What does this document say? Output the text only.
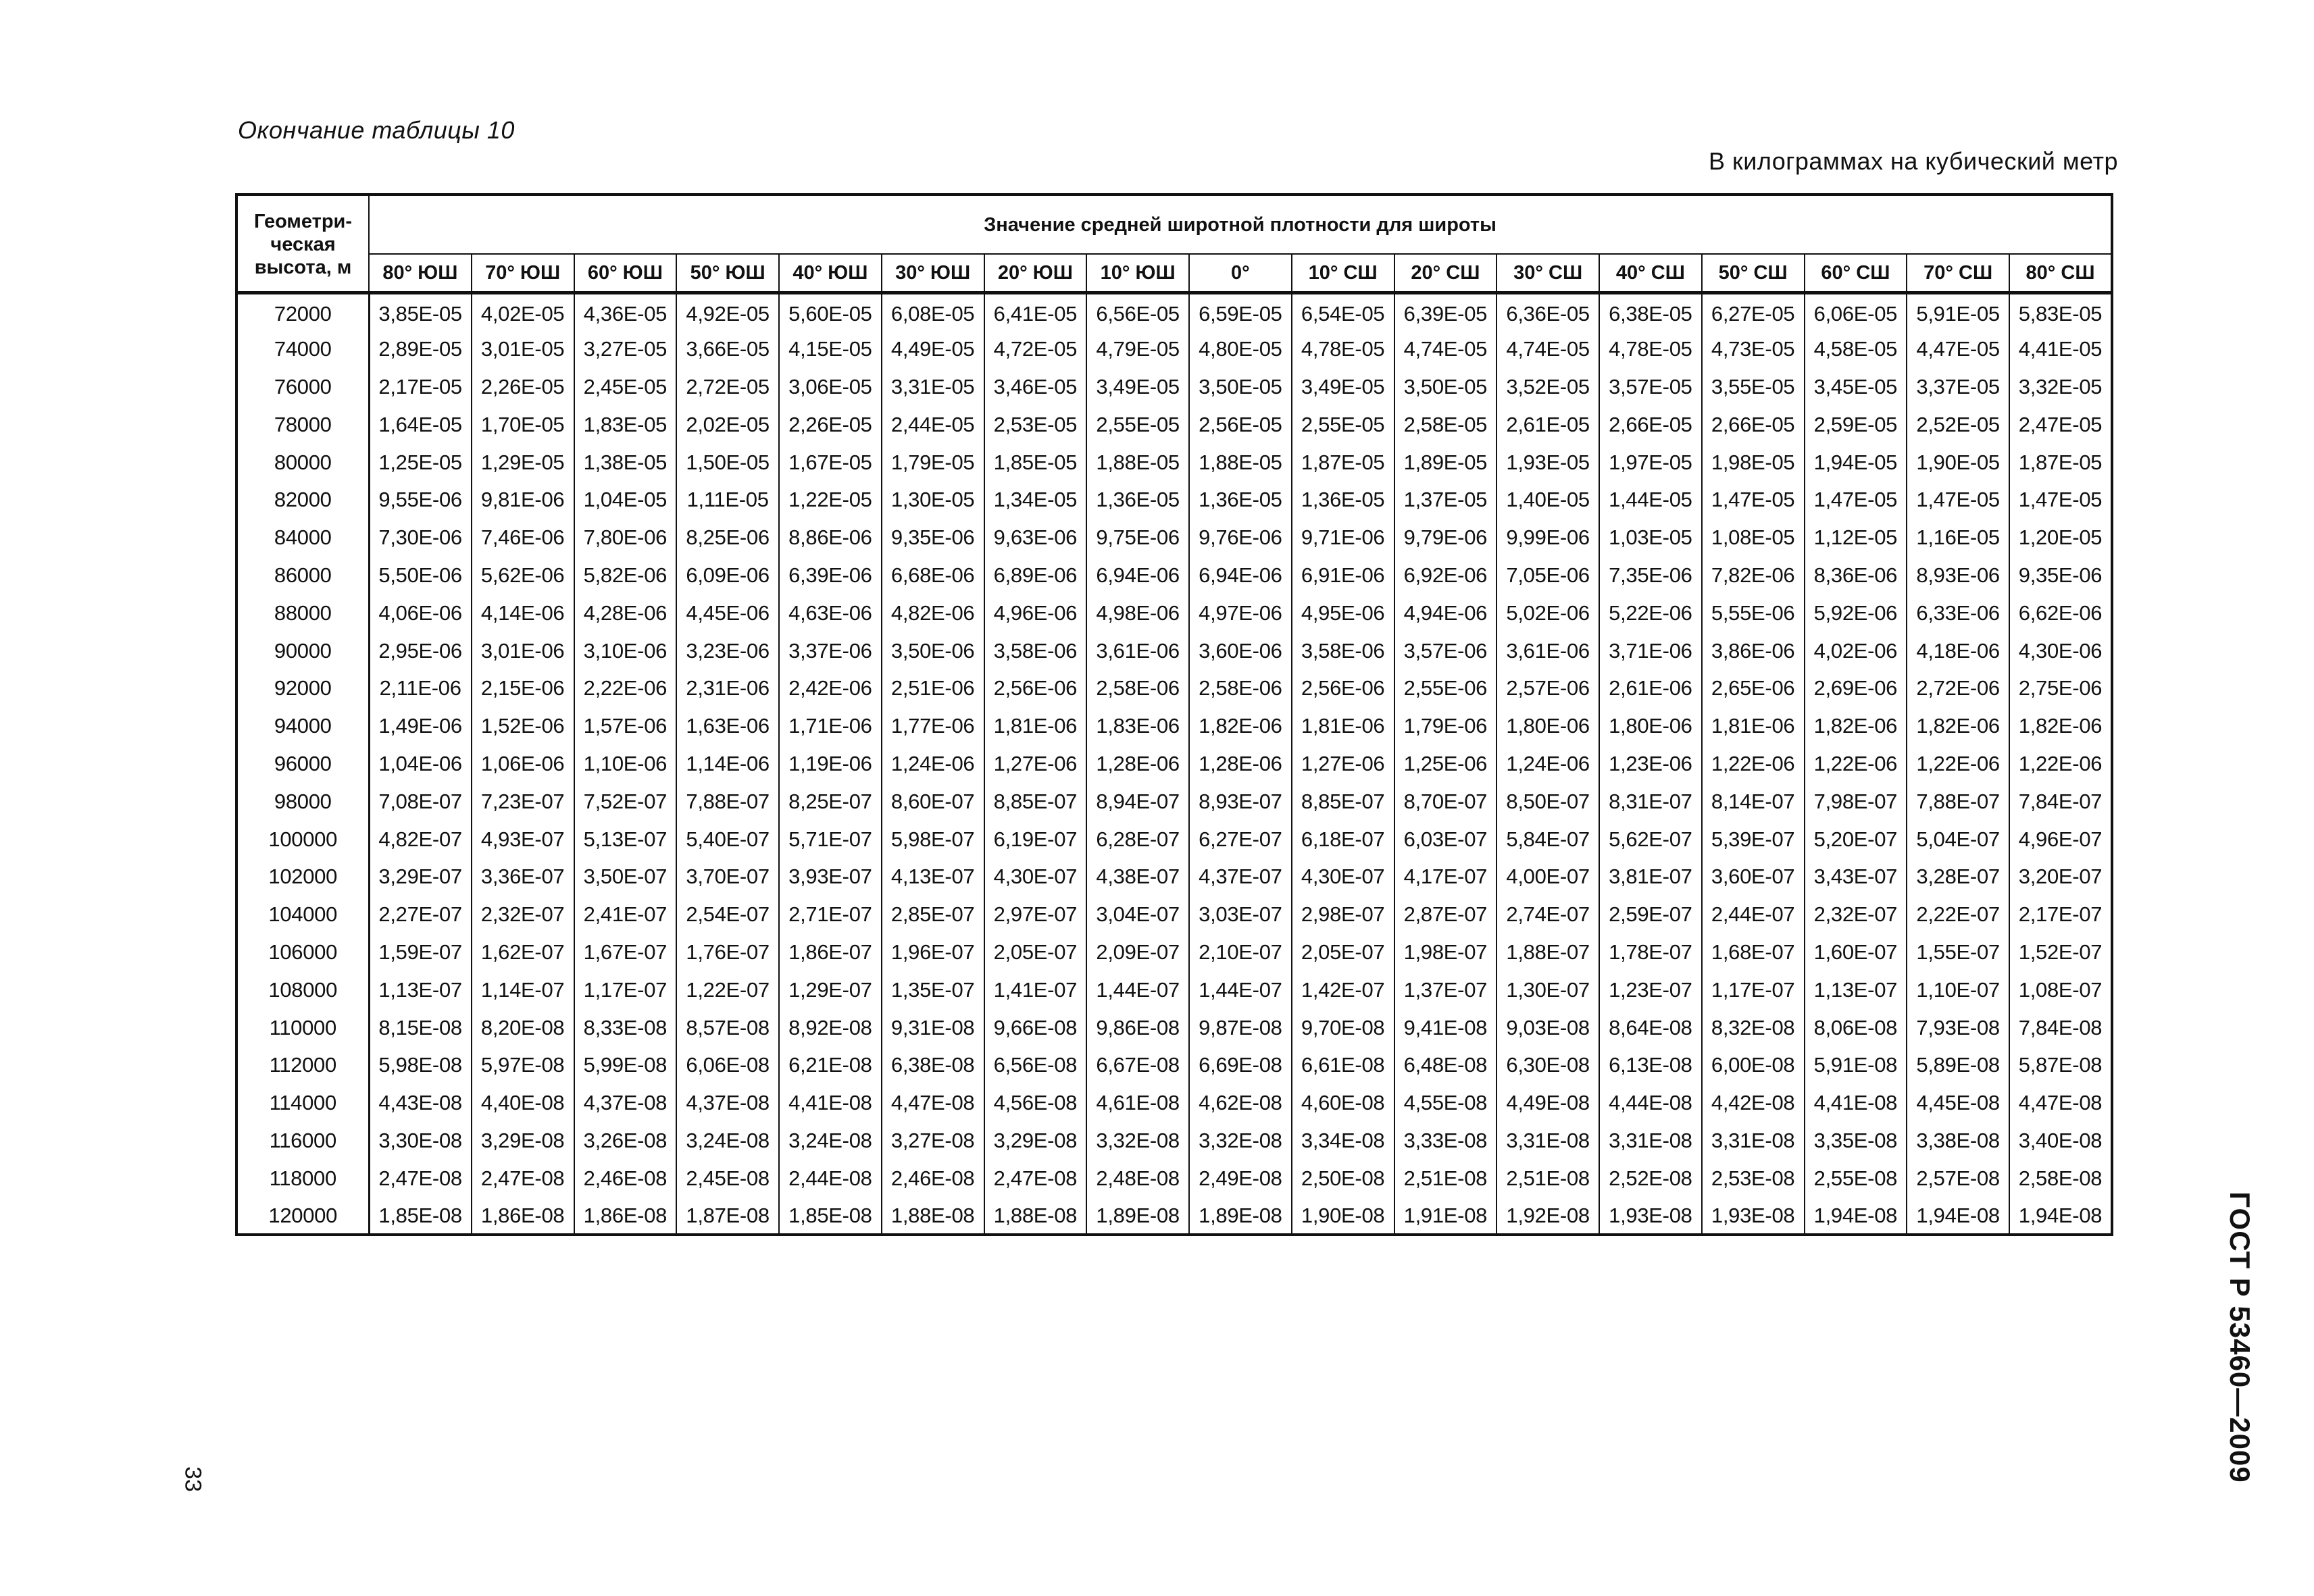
Окончание таблицы 10
В килограммах на кубический метр
Геометри-
ческая
высота, м	Значение средней широтной плотности для широты																
	80° ЮШ	70° ЮШ	60° ЮШ	50° ЮШ	40° ЮШ	30° ЮШ	20° ЮШ	10° ЮШ	0°	10° СШ	20° СШ	30° СШ	40° СШ	50° СШ	60° СШ	70° СШ	80° СШ
72000	3,85E-05	4,02E-05	4,36E-05	4,92E-05	5,60E-05	6,08E-05	6,41E-05	6,56E-05	6,59E-05	6,54E-05	6,39E-05	6,36E-05	6,38E-05	6,27E-05	6,06E-05	5,91E-05	5,83E-05
74000	2,89E-05	3,01E-05	3,27E-05	3,66E-05	4,15E-05	4,49E-05	4,72E-05	4,79E-05	4,80E-05	4,78E-05	4,74E-05	4,74E-05	4,78E-05	4,73E-05	4,58E-05	4,47E-05	4,41E-05
76000	2,17E-05	2,26E-05	2,45E-05	2,72E-05	3,06E-05	3,31E-05	3,46E-05	3,49E-05	3,50E-05	3,49E-05	3,50E-05	3,52E-05	3,57E-05	3,55E-05	3,45E-05	3,37E-05	3,32E-05
78000	1,64E-05	1,70E-05	1,83E-05	2,02E-05	2,26E-05	2,44E-05	2,53E-05	2,55E-05	2,56E-05	2,55E-05	2,58E-05	2,61E-05	2,66E-05	2,66E-05	2,59E-05	2,52E-05	2,47E-05
80000	1,25E-05	1,29E-05	1,38E-05	1,50E-05	1,67E-05	1,79E-05	1,85E-05	1,88E-05	1,88E-05	1,87E-05	1,89E-05	1,93E-05	1,97E-05	1,98E-05	1,94E-05	1,90E-05	1,87E-05
82000	9,55E-06	9,81E-06	1,04E-05	1,11E-05	1,22E-05	1,30E-05	1,34E-05	1,36E-05	1,36E-05	1,36E-05	1,37E-05	1,40E-05	1,44E-05	1,47E-05	1,47E-05	1,47E-05	1,47E-05
84000	7,30E-06	7,46E-06	7,80E-06	8,25E-06	8,86E-06	9,35E-06	9,63E-06	9,75E-06	9,76E-06	9,71E-06	9,79E-06	9,99E-06	1,03E-05	1,08E-05	1,12E-05	1,16E-05	1,20E-05
86000	5,50E-06	5,62E-06	5,82E-06	6,09E-06	6,39E-06	6,68E-06	6,89E-06	6,94E-06	6,94E-06	6,91E-06	6,92E-06	7,05E-06	7,35E-06	7,82E-06	8,36E-06	8,93E-06	9,35E-06
88000	4,06E-06	4,14E-06	4,28E-06	4,45E-06	4,63E-06	4,82E-06	4,96E-06	4,98E-06	4,97E-06	4,95E-06	4,94E-06	5,02E-06	5,22E-06	5,55E-06	5,92E-06	6,33E-06	6,62E-06
90000	2,95E-06	3,01E-06	3,10E-06	3,23E-06	3,37E-06	3,50E-06	3,58E-06	3,61E-06	3,60E-06	3,58E-06	3,57E-06	3,61E-06	3,71E-06	3,86E-06	4,02E-06	4,18E-06	4,30E-06
92000	2,11E-06	2,15E-06	2,22E-06	2,31E-06	2,42E-06	2,51E-06	2,56E-06	2,58E-06	2,58E-06	2,56E-06	2,55E-06	2,57E-06	2,61E-06	2,65E-06	2,69E-06	2,72E-06	2,75E-06
94000	1,49E-06	1,52E-06	1,57E-06	1,63E-06	1,71E-06	1,77E-06	1,81E-06	1,83E-06	1,82E-06	1,81E-06	1,79E-06	1,80E-06	1,80E-06	1,81E-06	1,82E-06	1,82E-06	1,82E-06
96000	1,04E-06	1,06E-06	1,10E-06	1,14E-06	1,19E-06	1,24E-06	1,27E-06	1,28E-06	1,28E-06	1,27E-06	1,25E-06	1,24E-06	1,23E-06	1,22E-06	1,22E-06	1,22E-06	1,22E-06
98000	7,08E-07	7,23E-07	7,52E-07	7,88E-07	8,25E-07	8,60E-07	8,85E-07	8,94E-07	8,93E-07	8,85E-07	8,70E-07	8,50E-07	8,31E-07	8,14E-07	7,98E-07	7,88E-07	7,84E-07
100000	4,82E-07	4,93E-07	5,13E-07	5,40E-07	5,71E-07	5,98E-07	6,19E-07	6,28E-07	6,27E-07	6,18E-07	6,03E-07	5,84E-07	5,62E-07	5,39E-07	5,20E-07	5,04E-07	4,96E-07
102000	3,29E-07	3,36E-07	3,50E-07	3,70E-07	3,93E-07	4,13E-07	4,30E-07	4,38E-07	4,37E-07	4,30E-07	4,17E-07	4,00E-07	3,81E-07	3,60E-07	3,43E-07	3,28E-07	3,20E-07
104000	2,27E-07	2,32E-07	2,41E-07	2,54E-07	2,71E-07	2,85E-07	2,97E-07	3,04E-07	3,03E-07	2,98E-07	2,87E-07	2,74E-07	2,59E-07	2,44E-07	2,32E-07	2,22E-07	2,17E-07
106000	1,59E-07	1,62E-07	1,67E-07	1,76E-07	1,86E-07	1,96E-07	2,05E-07	2,09E-07	2,10E-07	2,05E-07	1,98E-07	1,88E-07	1,78E-07	1,68E-07	1,60E-07	1,55E-07	1,52E-07
108000	1,13E-07	1,14E-07	1,17E-07	1,22E-07	1,29E-07	1,35E-07	1,41E-07	1,44E-07	1,44E-07	1,42E-07	1,37E-07	1,30E-07	1,23E-07	1,17E-07	1,13E-07	1,10E-07	1,08E-07
110000	8,15E-08	8,20E-08	8,33E-08	8,57E-08	8,92E-08	9,31E-08	9,66E-08	9,86E-08	9,87E-08	9,70E-08	9,41E-08	9,03E-08	8,64E-08	8,32E-08	8,06E-08	7,93E-08	7,84E-08
112000	5,98E-08	5,97E-08	5,99E-08	6,06E-08	6,21E-08	6,38E-08	6,56E-08	6,67E-08	6,69E-08	6,61E-08	6,48E-08	6,30E-08	6,13E-08	6,00E-08	5,91E-08	5,89E-08	5,87E-08
114000	4,43E-08	4,40E-08	4,37E-08	4,37E-08	4,41E-08	4,47E-08	4,56E-08	4,61E-08	4,62E-08	4,60E-08	4,55E-08	4,49E-08	4,44E-08	4,42E-08	4,41E-08	4,45E-08	4,47E-08
116000	3,30E-08	3,29E-08	3,26E-08	3,24E-08	3,24E-08	3,27E-08	3,29E-08	3,32E-08	3,32E-08	3,34E-08	3,33E-08	3,31E-08	3,31E-08	3,31E-08	3,35E-08	3,38E-08	3,40E-08
118000	2,47E-08	2,47E-08	2,46E-08	2,45E-08	2,44E-08	2,46E-08	2,47E-08	2,48E-08	2,49E-08	2,50E-08	2,51E-08	2,51E-08	2,52E-08	2,53E-08	2,55E-08	2,57E-08	2,58E-08
120000	1,85E-08	1,86E-08	1,86E-08	1,87E-08	1,85E-08	1,88E-08	1,88E-08	1,89E-08	1,89E-08	1,90E-08	1,91E-08	1,92E-08	1,93E-08	1,93E-08	1,94E-08	1,94E-08	1,94E-08	ГОСТ Р 53460—2009
33
